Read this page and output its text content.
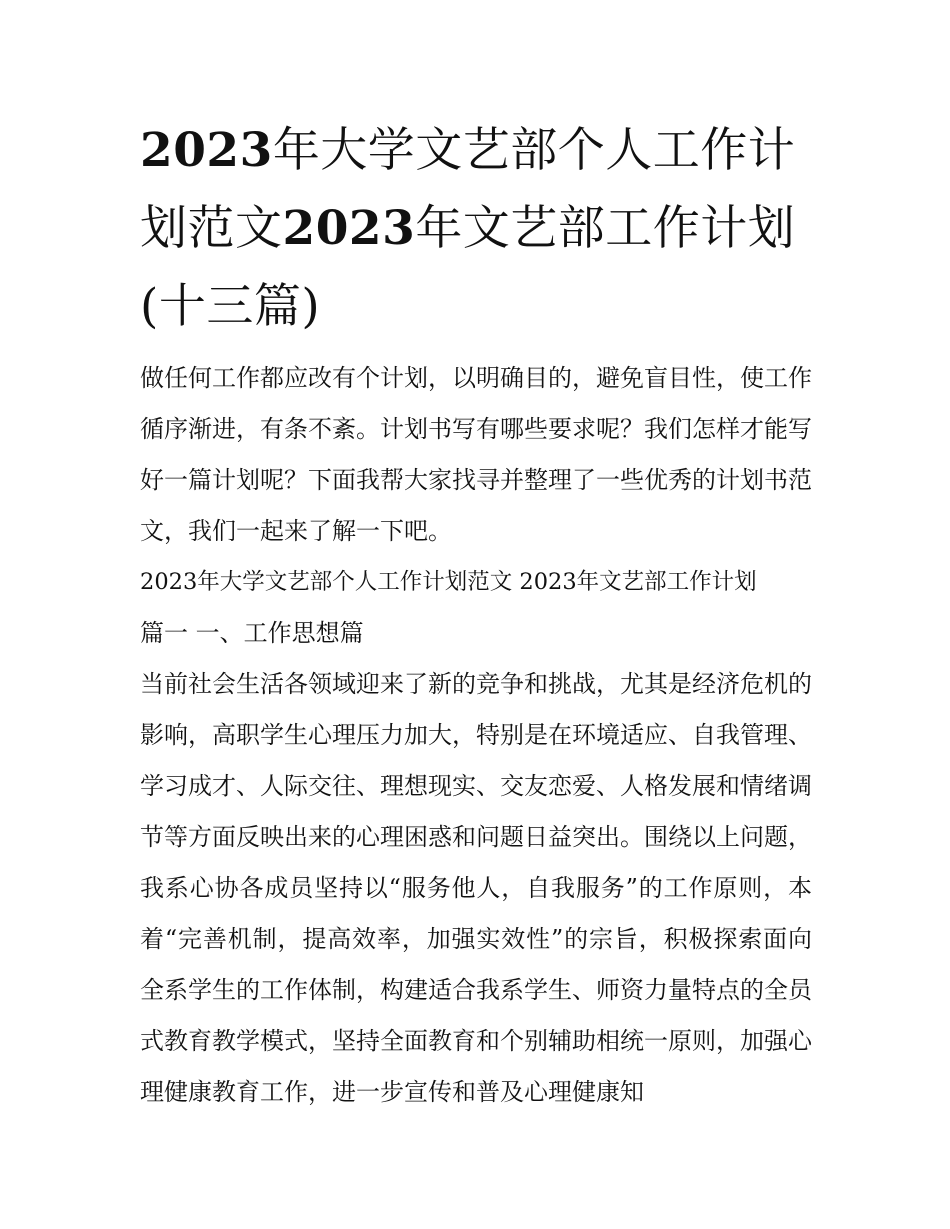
2023年大学文艺部个人工作计划范文2023年文艺部工作计划(十三篇)

做任何工作都应改有个计划，以明确目的，避免盲目性，使工作循序渐进，有条不紊。计划书写有哪些要求呢？我们怎样才能写好一篇计划呢？下面我帮大家找寻并整理了一些优秀的计划书范文，我们一起来了解一下吧。

2023年大学文艺部个人工作计划范文 2023年文艺部工作计划

篇一 一、工作思想篇

当前社会生活各领域迎来了新的竞争和挑战，尤其是经济危机的影响，高职学生心理压力加大，特别是在环境适应、自我管理、学习成才、人际交往、理想现实、交友恋爱、人格发展和情绪调节等方面反映出来的心理困惑和问题日益突出。围绕以上问题，我系心协各成员坚持以“服务他人，自我服务”的工作原则，本着“完善机制，提高效率，加强实效性”的宗旨，积极探索面向全系学生的工作体制，构建适合我系学生、师资力量特点的全员式教育教学模式，坚持全面教育和个别辅助相统一原则，加强心理健康教育工作，进一步宣传和普及心理健康知
